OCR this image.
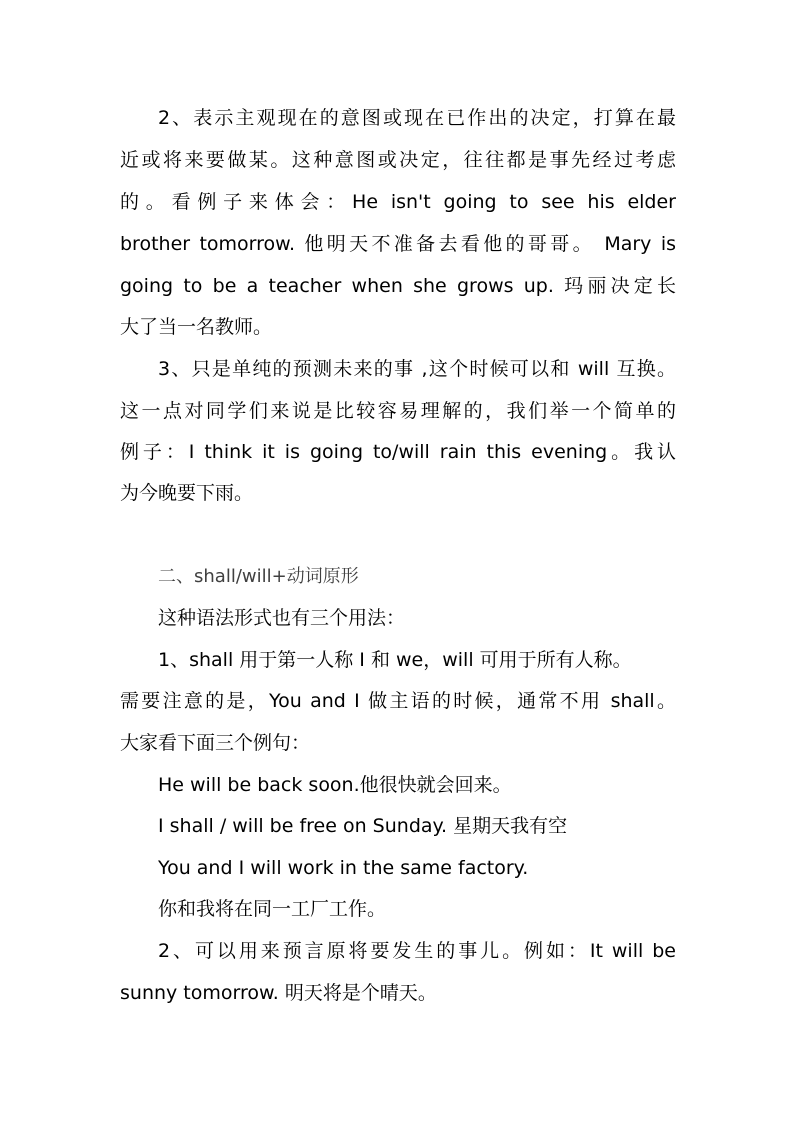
2、表示主观现在的意图或现在已作出的决定，打算在最
近或将来要做某。这种意图或决定，往往都是事先经过考虑
的。看例子来体会：He isn't going to see his elder
brother tomorrow. 他明天不准备去看他的哥哥。 Mary is
going to be a teacher when she grows up. 玛丽决定长
大了当一名教师。
3、只是单纯的预测未来的事 ,这个时候可以和 will 互换。
这一点对同学们来说是比较容易理解的，我们举一个简单的
例子：I think it is going to/will rain this evening。我认
为今晚要下雨。
二、shall/will+动词原形
这种语法形式也有三个用法：
1、shall 用于第一人称 I 和 we，will 可用于所有人称。
需要注意的是，You and I 做主语的时候，通常不用 shall。
大家看下面三个例句：
He will be back soon.他很快就会回来。
I shall / will be free on Sunday. 星期天我有空
You and I will work in the same factory.
你和我将在同一工厂工作。
2、可以用来预言原将要发生的事儿。例如：It will be
sunny tomorrow. 明天将是个晴天。
